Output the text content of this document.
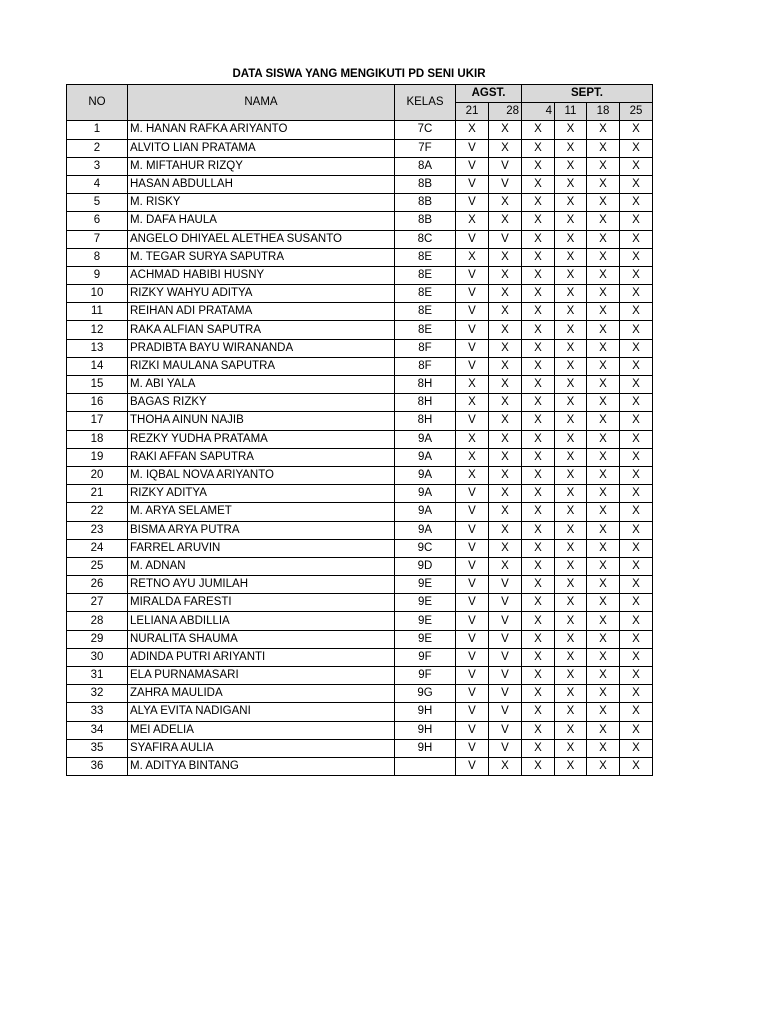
DATA SISWA YANG MENGIKUTI PD SENI UKIR
NO	NAMA	KELAS	AGST.		SEPT.			
			21	28	4	11	18	25
1	M. HANAN RAFKA ARIYANTO	7C	X	X	X	X	X	X
2	ALVITO LIAN PRATAMA	7F	V	X	X	X	X	X
3	M. MIFTAHUR RIZQY	8A	V	V	X	X	X	X
4	HASAN ABDULLAH	8B	V	V	X	X	X	X
5	M. RISKY	8B	V	X	X	X	X	X
6	M. DAFA HAULA	8B	X	X	X	X	X	X
7	ANGELO DHIYAEL ALETHEA SUSANTO	8C	V	V	X	X	X	X
8	M. TEGAR SURYA SAPUTRA	8E	X	X	X	X	X	X
9	ACHMAD HABIBI HUSNY	8E	V	X	X	X	X	X
10	RIZKY WAHYU ADITYA	8E	V	X	X	X	X	X
11	REIHAN ADI PRATAMA	8E	V	X	X	X	X	X
12	RAKA ALFIAN SAPUTRA	8E	V	X	X	X	X	X
13	PRADIBTA BAYU WIRANANDA	8F	V	X	X	X	X	X
14	RIZKI MAULANA SAPUTRA	8F	V	X	X	X	X	X
15	M. ABI YALA	8H	X	X	X	X	X	X
16	BAGAS RIZKY	8H	X	X	X	X	X	X
17	THOHA AINUN NAJIB	8H	V	X	X	X	X	X
18	REZKY YUDHA PRATAMA	9A	X	X	X	X	X	X
19	RAKI AFFAN SAPUTRA	9A	X	X	X	X	X	X
20	M. IQBAL NOVA ARIYANTO	9A	X	X	X	X	X	X
21	RIZKY ADITYA	9A	V	X	X	X	X	X
22	M. ARYA SELAMET	9A	V	X	X	X	X	X
23	BISMA ARYA PUTRA	9A	V	X	X	X	X	X
24	FARREL ARUVIN	9C	V	X	X	X	X	X
25	M. ADNAN	9D	V	X	X	X	X	X
26	RETNO AYU JUMILAH	9E	V	V	X	X	X	X
27	MIRALDA FARESTI	9E	V	V	X	X	X	X
28	LELIANA ABDILLIA	9E	V	V	X	X	X	X
29	NURALITA SHAUMA	9E	V	V	X	X	X	X
30	ADINDA PUTRI ARIYANTI	9F	V	V	X	X	X	X
31	ELA PURNAMASARI	9F	V	V	X	X	X	X
32	ZAHRA MAULIDA	9G	V	V	X	X	X	X
33	ALYA EVITA NADIGANI	9H	V	V	X	X	X	X
34	MEI ADELIA	9H	V	V	X	X	X	X
35	SYAFIRA AULIA	9H	V	V	X	X	X	X
36	M. ADITYA BINTANG		V	X	X	X	X	X
